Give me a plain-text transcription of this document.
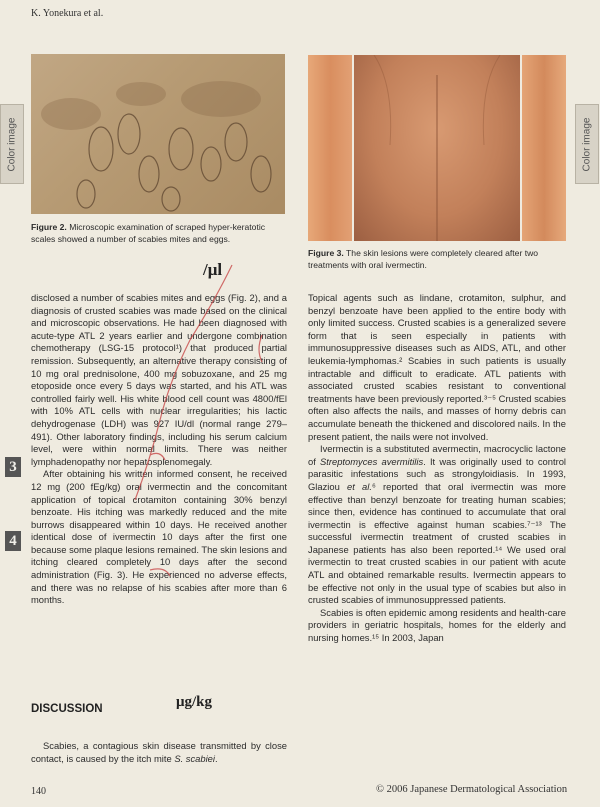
K. Yonekura et al.
Color image	Color image
Figure 2. Microscopic examination of scraped hyper-keratotic scales showed a number of scabies mites and eggs.
Figure 3. The skin lesions were completely cleared after two treatments with oral ivermectin.
/μl

disclosed a number of scabies mites and eggs (Fig. 2), and a diagnosis of crusted scabies was made based on the clinical and microscopic observations. He had been diagnosed with acute-type ATL 2 years earlier and undergone combination chemotherapy (LSG-15 protocol¹) that produced partial remission. Subsequently, an alternative therapy consisting of 10 mg oral prednisolone, 400 mg sobuzoxane, and 25 mg etoposide once every 5 days was started, and his ATL was controlled fairly well. His white blood cell count was 4800/fEl with 10% ATL cells with nuclear irregularities; his lactic dehydrogenase (LDH) was 927 IU/dl (normal range 279–491). Other laboratory findings, including his serum calcium level, were within normal limits. There was neither lymphadenopathy nor hepatosplenomegaly.

After obtaining his written informed consent, he received 12 mg (200 fEg/kg) oral ivermectin and the concomitant application of topical crotamiton containing 30% benzyl benzoate. His itching was markedly reduced and the mite burrows disappeared within 10 days. He received another identical dose of ivermectin 10 days after the first one because some plaque lesions remained. The skin lesions and itching cleared completely 10 days after the second administration (Fig. 3). He experienced no adverse effects, and there was no relapse of his scabies after more than 6 months.

3
4
DISCUSSION	μg/kg

Scabies, a contagious skin disease transmitted by close contact, is caused by the itch mite S. scabiei.

Topical agents such as lindane, crotamiton, sulphur, and benzyl benzoate have been applied to the entire body with only limited success. Crusted scabies is a generalized severe form that is seen especially in patients with immunosuppressive diseases such as AIDS, ATL, and other leukemia-lymphomas.² Scabies in such patients is usually intractable and difficult to eradicate. ATL patients with associated crusted scabies resistant to conventional treatments have been previously reported.³⁻⁵ Crusted scabies often also affects the nails, and masses of horny debris can accumulate beneath the thickened and discolored nails. In the present patient, the nails were not involved.

Ivermectin is a substituted avermectin, macrocyclic lactone of Streptomyces avermitilis. It was originally used to control parasitic infestations such as strongyloidiasis. In 1993, Glaziou et al.⁶ reported that oral ivermectin was more effective than benzyl benzoate for treating human scabies; since then, evidence has continued to accumulate that oral ivermectin is effective against human scabies.⁷⁻¹³ The successful ivermectin treatment of crusted scabies in Japanese patients has also been reported.¹⁴ We used oral ivermectin to treat crusted scabies in our patient with acute ATL and obtained remarkable results. Ivermectin appears to be effective not only in the usual type of scabies but also in crusted scabies of immunosuppressed patients.

Scabies is often epidemic among residents and health-care providers in geriatric hospitals, homes for the elderly and nursing homes.¹⁵ In 2003, Japan

140	© 2006 Japanese Dermatological Association
